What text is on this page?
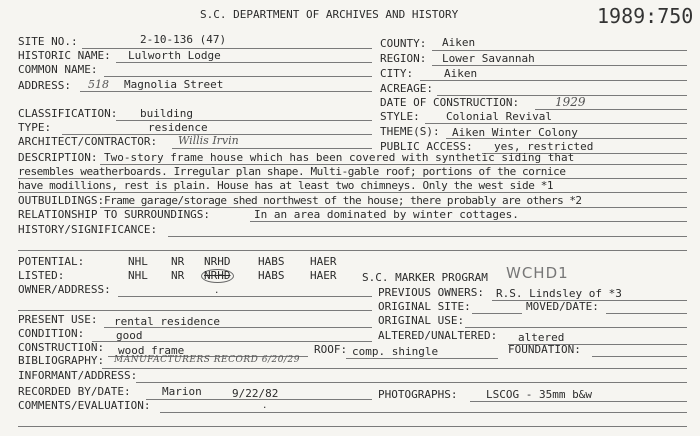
S.C. DEPARTMENT OF ARCHIVES AND HISTORY	1989:750
SITE NO.:	2-10-136 (47)	COUNTY: Aiken
HISTORIC NAME: Lulworth Lodge	REGION: Lower Savannah
COMMON NAME:	CITY:	Aiken
ADDRESS: 518 Magnolia Street	ACREAGE:
DATE OF CONSTRUCTION:	1929
CLASSIFICATION: building	STYLE: Colonial Revival
TYPE:	residence	THEME(S): Aiken Winter Colony
ARCHITECT/CONTRACTOR: Willis Irvin	PUBLIC ACCESS: yes, restricted
DESCRIPTION: Two-story frame house which has been covered with synthetic siding that
resembles weatherboards. Irregular plan shape. Multi-gable roof; portions of the cornice
have modillions, rest is plain. House has at least two chimneys. Only the west side *1
OUTBUILDINGS: Frame garage/storage shed northwest of the house; there probably are others *2
RELATIONSHIP TO SURROUNDINGS:	In an area dominated by winter cottages.
HISTORY/SIGNIFICANCE:
POTENTIAL:	NHL NR NRHD	HABS HAER
LISTED:	NHL NR NRHD	HABS HAER S.C. MARKER PROGRAM WCHD1
OWNER/ADDRESS:	.	PREVIOUS OWNERS: R.S. Lindsley of *3
ORIGINAL SITE:	MOVED/DATE:
PRESENT USE: rental residence	ORIGINAL USE:
CONDITION:	good	ALTERED/UNALTERED: altered
CONSTRUCTION: wood frame	ROOF: comp. shingle	FOUNDATION:
BIBLIOGRAPHY: MANUFACTURERS RECORD 6/20/29
INFORMANT/ADDRESS:
RECORDED BY/DATE:	Marion	9/22/82	PHOTOGRAPHS:	LSCOG - 35mm b&w
COMMENTS/EVALUATION:	.
